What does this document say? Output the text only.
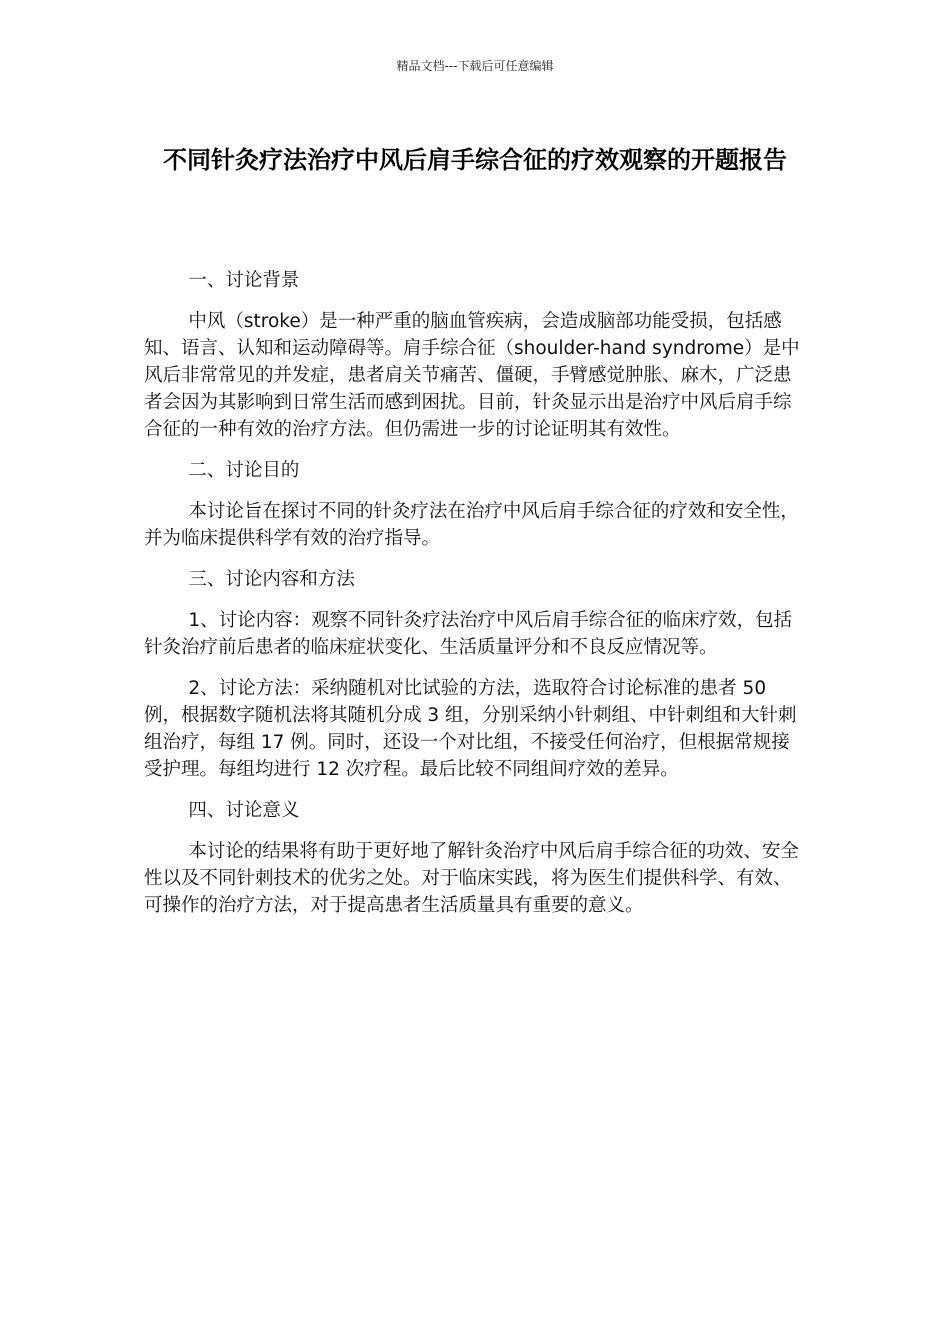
精品文档---下载后可任意编辑
不同针灸疗法治疗中风后肩手综合征的疗效观察的开题报告

一、讨论背景

中风（stroke）是一种严重的脑血管疾病，会造成脑部功能受损，包括感知、语言、认知和运动障碍等。肩手综合征（shoulder-hand syndrome）是中风后非常常见的并发症，患者肩关节痛苦、僵硬，手臂感觉肿胀、麻木，广泛患者会因为其影响到日常生活而感到困扰。目前，针灸显示出是治疗中风后肩手综合征的一种有效的治疗方法。但仍需进一步的讨论证明其有效性。

二、讨论目的

本讨论旨在探讨不同的针灸疗法在治疗中风后肩手综合征的疗效和安全性，并为临床提供科学有效的治疗指导。

三、讨论内容和方法

1、讨论内容：观察不同针灸疗法治疗中风后肩手综合征的临床疗效，包括针灸治疗前后患者的临床症状变化、生活质量评分和不良反应情况等。

2、讨论方法：采纳随机对比试验的方法，选取符合讨论标准的患者 50 例，根据数字随机法将其随机分成 3 组，分别采纳小针刺组、中针刺组和大针刺组治疗，每组 17 例。同时，还设一个对比组，不接受任何治疗，但根据常规接受护理。每组均进行 12 次疗程。最后比较不同组间疗效的差异。

四、讨论意义

本讨论的结果将有助于更好地了解针灸治疗中风后肩手综合征的功效、安全性以及不同针刺技术的优劣之处。对于临床实践，将为医生们提供科学、有效、可操作的治疗方法，对于提高患者生活质量具有重要的意义。
